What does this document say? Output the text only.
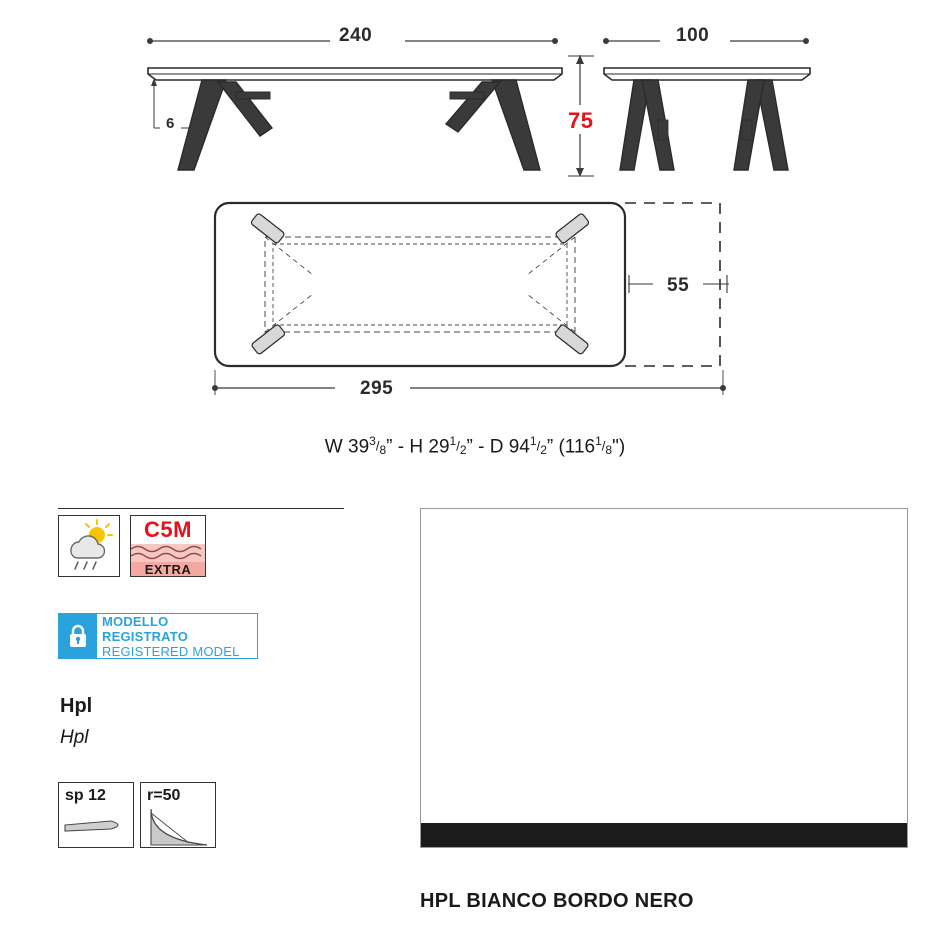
240
6
100
75
55
295
W $39^3/_8$” - H $29^1/_2$” - D $94^1/_2$” $(116^1/_8")$
C5M
EXTRA
MODELLO REGISTRATO
REGISTERED MODEL
Hpl
Hpl
sp 12	r=50
HPL BIANCO BORDO NERO
